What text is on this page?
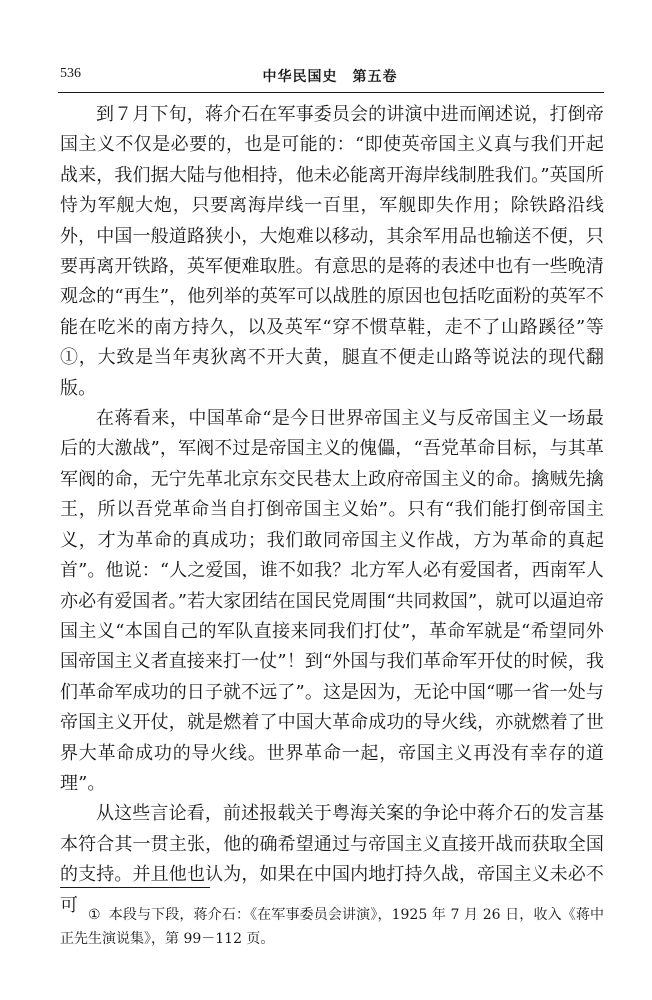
536	中华民国史　第五卷

到７月下旬，蒋介石在军事委员会的讲演中进而阐述说，打倒帝国主义不仅是必要的，也是可能的：“即使英帝国主义真与我们开起战来，我们据大陆与他相持，他未必能离开海岸线制胜我们。”英国所恃为军舰大炮，只要离海岸线一百里，军舰即失作用；除铁路沿线外，中国一般道路狭小，大炮难以移动，其余军用品也输送不便，只要再离开铁路，英军便难取胜。有意思的是蒋的表述中也有一些晚清观念的“再生”，他列举的英军可以战胜的原因也包括吃面粉的英军不能在吃米的南方持久，以及英军“穿不惯草鞋，走不了山路蹊径”等①，大致是当年夷狄离不开大黄，腿直不便走山路等说法的现代翻版。

在蒋看来，中国革命“是今日世界帝国主义与反帝国主义一场最后的大激战”，军阀不过是帝国主义的傀儡，“吾党革命目标，与其革军阀的命，无宁先革北京东交民巷太上政府帝国主义的命。擒贼先擒王，所以吾党革命当自打倒帝国主义始”。只有“我们能打倒帝国主义，才为革命的真成功；我们敢同帝国主义作战，方为革命的真起首”。他说：“人之爱国，谁不如我？北方军人必有爱国者，西南军人亦必有爱国者。”若大家团结在国民党周围“共同救国”，就可以逼迫帝国主义“本国自己的军队直接来同我们打仗”，革命军就是“希望同外国帝国主义者直接来打一仗”！到“外国与我们革命军开仗的时候，我们革命军成功的日子就不远了”。这是因为，无论中国“哪一省一处与帝国主义开仗，就是燃着了中国大革命成功的导火线，亦就燃着了世界大革命成功的导火线。世界革命一起，帝国主义再没有幸存的道理”。

从这些言论看，前述报载关于粤海关案的争论中蒋介石的发言基本符合其一贯主张，他的确希望通过与帝国主义直接开战而获取全国的支持。并且他也认为，如果在中国内地打持久战，帝国主义未必不可 ① 本段与下段，蒋介石：《在军事委员会讲演》，1925 年 7 月 26 日，收入《蒋中正先生演说集》，第 99－112 页。
